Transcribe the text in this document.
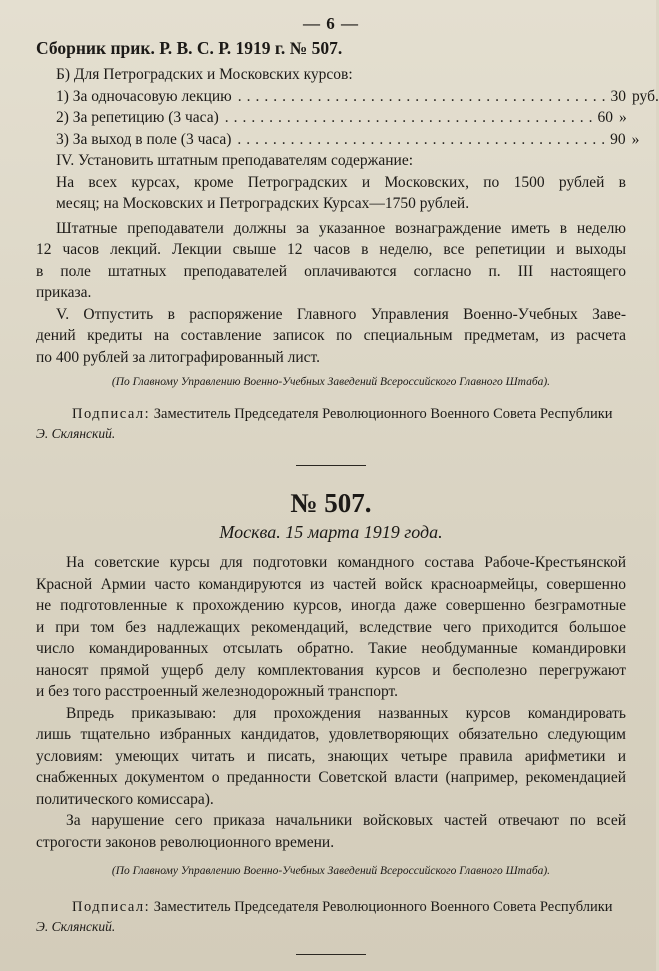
— 6 —
Сборник прик. Р. В. С. Р. 1919 г. № 507.
Б) Для Петроградских и Московских курсов:
1) За одночасовую лекцию .......................................... 30 руб.
2) За репетицию (3 часа) .......................................... 60 »
3) За выход в поле (3 часа) .......................................... 90 »
IV. Установить штатным преподавателям содержание:
На всех курсах, кроме Петроградских и Московских, по 1500 рублей в
месяц; на Московских и Петроградских Курсах—1750 рублей.
Штатные преподаватели должны за указанное вознаграждение иметь в неделю
12 часов лекций. Лекции свыше 12 часов в неделю, все репетиции и выходы
в поле штатных преподавателей оплачиваются согласно п. III настоящего
приказа.
V. Отпустить в распоряжение Главного Управления Военно-Учебных Заве-
дений кредиты на составление записок по специальным предметам, из расчета
по 400 рублей за литографированный лист.
(По Главному Управлению Военно-Учебных Заведений Всероссийского Главного Штаба).
Подписал: Заместитель Председателя Революционного Военного Совета Республики
Э. Склянский.
№ 507.
Москва. 15 марта 1919 года.
На советские курсы для подготовки командного состава Рабоче-Крестьянской
Красной Армии часто командируются из частей войск красноармейцы, совершенно
не подготовленные к прохождению курсов, иногда даже совершенно безграмотные
и при том без надлежащих рекомендаций, вследствие чего приходится большое
число командированных отсылать обратно. Такие необдуманные командировки
наносят прямой ущерб делу комплектования курсов и бесполезно перегружают
и без того расстроенный железнодорожный транспорт.
Впредь приказываю: для прохождения названных курсов командировать
лишь тщательно избранных кандидатов, удовлетворяющих обязательно следующим
условиям: умеющих читать и писать, знающих четыре правила арифметики и
снабженных документом о преданности Советской власти (например, рекомендацией
политического комиссара).
За нарушение сего приказа начальники войсковых частей отвечают по всей
строгости законов революционного времени.
(По Главному Управлению Военно-Учебных Заведений Всероссийского Главного Штаба).
Подписал: Заместитель Председателя Революционного Военного Совета Республики
Э. Склянский.
